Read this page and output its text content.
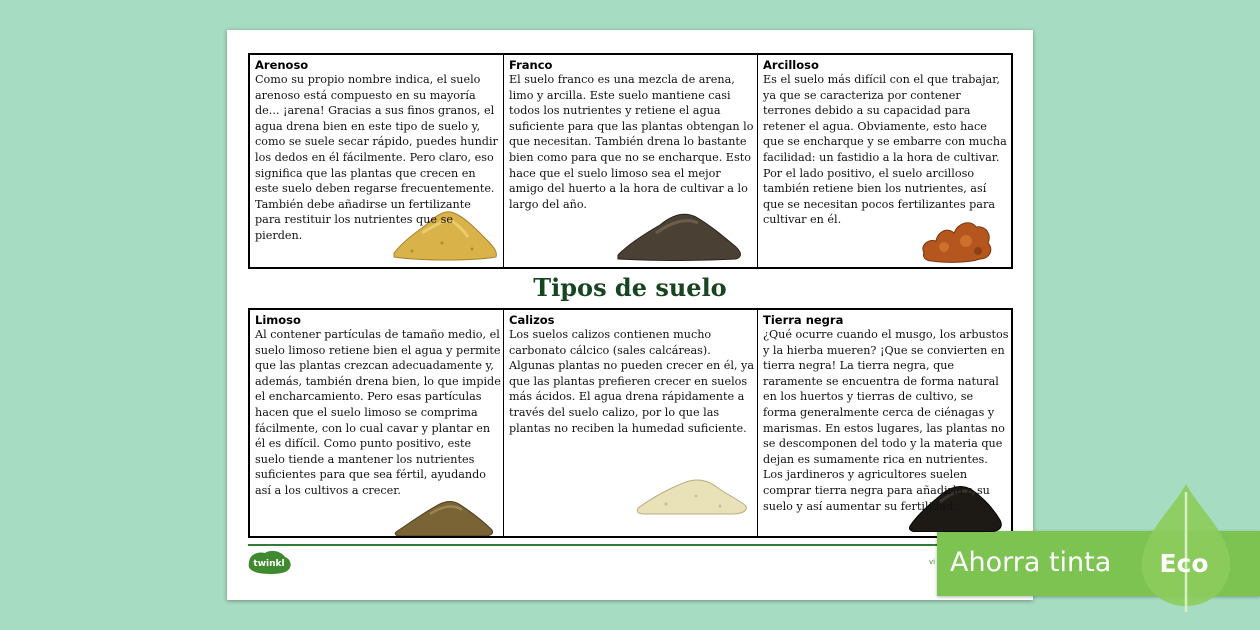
Arenoso

Como su propio nombre indica, el suelo arenoso está compuesto en su mayoría de... ¡arena! Gracias a sus finos granos, el agua drena bien en este tipo de suelo y, como se suele secar rápido, puedes hundir los dedos en él fácilmente. Pero claro, eso significa que las plantas que crecen en este suelo deben regarse frecuentemente. También debe añadirse un fertilizante para restituir los nutrientes que se pierden.

Franco

El suelo franco es una mezcla de arena, limo y arcilla. Este suelo mantiene casi todos los nutrientes y retiene el agua suficiente para que las plantas obtengan lo que necesitan. También drena lo bastante bien como para que no se encharque. Esto hace que el suelo limoso sea el mejor amigo del huerto a la hora de cultivar a lo largo del año.

Arcilloso

Es el suelo más difícil con el que trabajar, ya que se caracteriza por contener terrones debido a su capacidad para retener el agua. Obviamente, esto hace que se encharque y se embarre con mucha facilidad: un fastidio a la hora de cultivar. Por el lado positivo, el suelo arcilloso también retiene bien los nutrientes, así que se necesitan pocos fertilizantes para cultivar en él.

Tipos de suelo

Limoso

Al contener partículas de tamaño medio, el suelo limoso retiene bien el agua y permite que las plantas crezcan adecuadamente y, además, también drena bien, lo que impide el encharcamiento. Pero esas partículas hacen que el suelo limoso se comprima fácilmente, con lo cual cavar y plantar en él es difícil. Como punto positivo, este suelo tiende a mantener los nutrientes suficientes para que sea fértil, ayudando así a los cultivos a crecer.

Calizos

Los suelos calizos contienen mucho carbonato cálcico (sales calcáreas). Algunas plantas no pueden crecer en él, ya que las plantas prefieren crecer en suelos más ácidos. El agua drena rápidamente a través del suelo calizo, por lo que las plantas no reciben la humedad suficiente.

Tierra negra

¿Qué ocurre cuando el musgo, los arbustos y la hierba mueren? ¡Que se convierten en tierra negra! La tierra negra, que raramente se encuentra de forma natural en los huertos y tierras de cultivo, se forma generalmente cerca de ciénagas y marismas. En estos lugares, las plantas no se descomponen del todo y la materia que dejan es sumamente rica en nutrientes. Los jardineros y agricultores suelen comprar tierra negra para añadirla a su suelo y así aumentar su fertilidad.

twinkl	vi Ahorra tinta Eco
